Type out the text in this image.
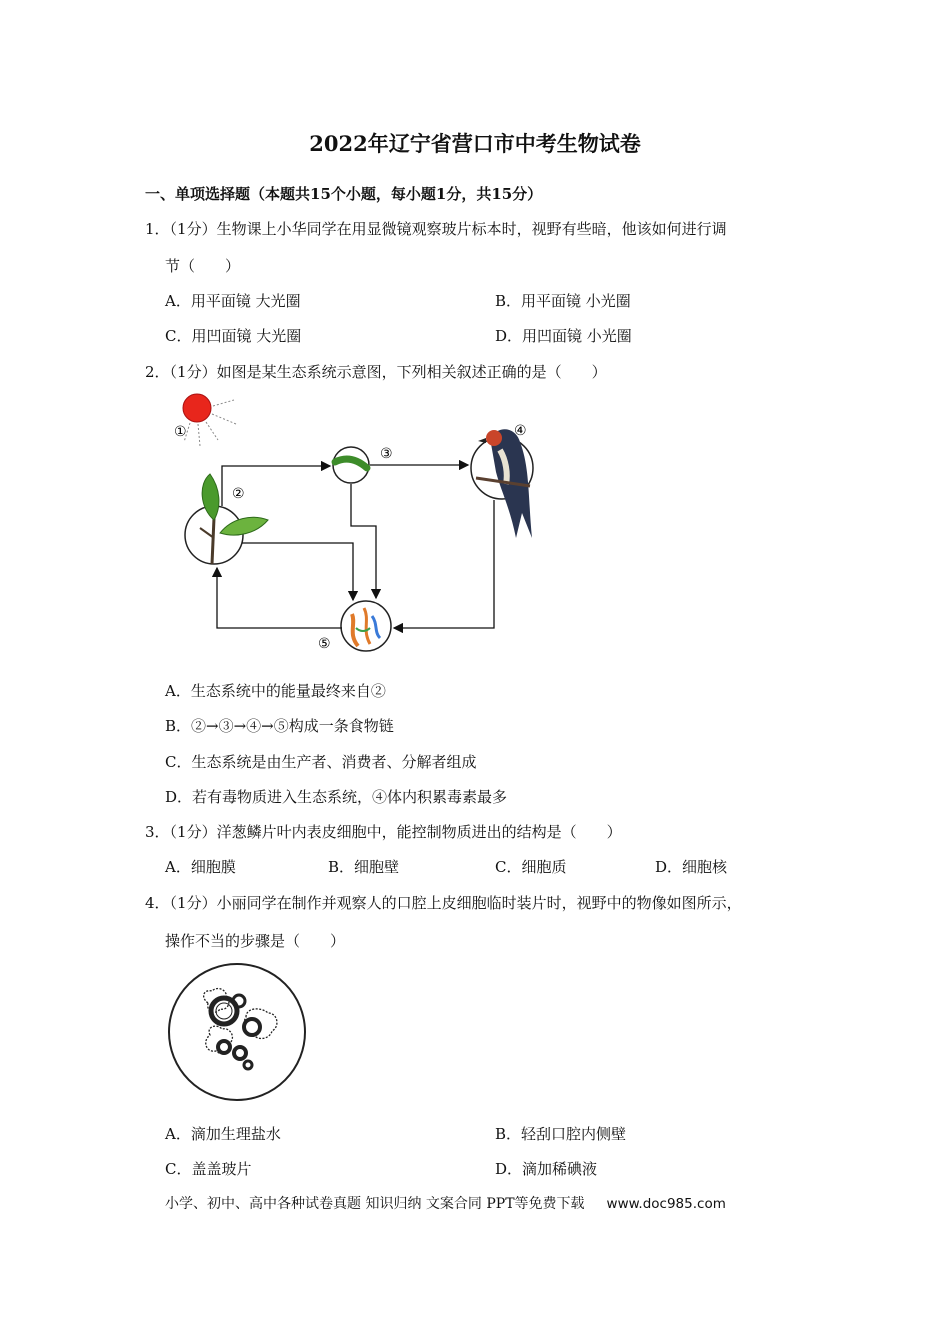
2022年辽宁省营口市中考生物试卷
一、单项选择题（本题共15个小题，每小题1分，共15分）
1．（1分）生物课上小华同学在用显微镜观察玻片标本时，视野有些暗，他该如何进行调
节（　　）
A．用平面镜 大光圈	B．用平面镜 小光圈
C．用凹面镜 大光圈	D．用凹面镜 小光圈
2．（1分）如图是某生态系统示意图，下列相关叙述正确的是（　　）
①
②
③
④
⑤
A．生态系统中的能量最终来自②
B．②→③→④→⑤构成一条食物链
C．生态系统是由生产者、消费者、分解者组成
D．若有毒物质进入生态系统，④体内积累毒素最多
3．（1分）洋葱鳞片叶内表皮细胞中，能控制物质进出的结构是（　　）
A．细胞膜	B．细胞壁	C．细胞质	D．细胞核
4．（1分）小丽同学在制作并观察人的口腔上皮细胞临时装片时，视野中的物像如图所示，
操作不当的步骤是（　　）
A．滴加生理盐水	B．轻刮口腔内侧壁
C．盖盖玻片	D．滴加稀碘液
小学、初中、高中各种试卷真题 知识归纳 文案合同 PPT等免费下载 www.doc985.com
